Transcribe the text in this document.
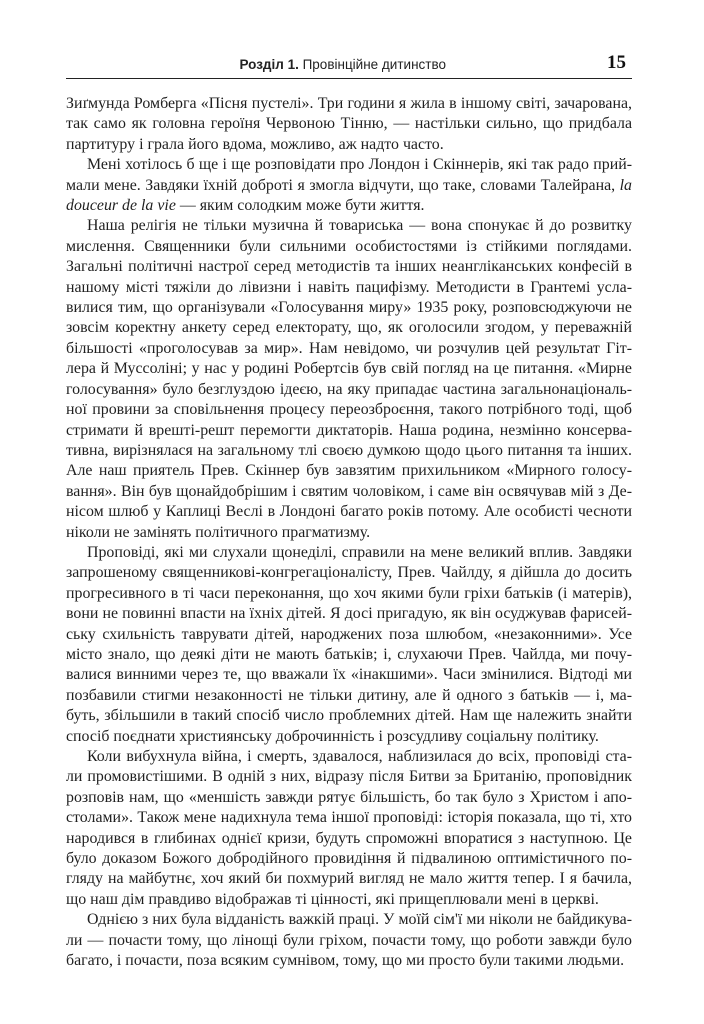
Розділ 1. Провінційне дитинство	15

Зиґмунда Ромберга «Пісня пустелі». Три години я жила в іншому світі, зачарована,
так само як головна героїня Червоною Тінню, — настільки сильно, що придбала
партитуру і грала його вдома, можливо, аж надто часто.

Мені хотілось б ще і ще розповідати про Лондон і Скіннерів, які так радо прий-
мали мене. Завдяки їхній доброті я змогла відчути, що таке, словами Талейрана, la
douceur de la vie — яким солодким може бути життя.

Наша релігія не тільки музична й товариська — вона спонукає й до розвитку
мислення. Священники були сильними особистостями із стійкими поглядами.
Загальні політичні настрої серед методистів та інших неангліканських конфесій в
нашому місті тяжіли до лівизни і навіть пацифізму. Методисти в Грантемі усла-
вилися тим, що організували «Голосування миру» 1935 року, розповсюджуючи не
зовсім коректну анкету серед електорату, що, як оголосили згодом, у переважній
більшості «проголосував за мир». Нам невідомо, чи розчулив цей результат Гіт-
лера й Муссоліні; у нас у родині Робертсів був свій погляд на це питання. «Мирне
голосування» було безглуздою ідеєю, на яку припадає частина загальнонаціональ-
ної провини за сповільнення процесу переозброєння, такого потрібного тоді, щоб
стримати й врешті-решт перемогти диктаторів. Наша родина, незмінно консерва-
тивна, вирізнялася на загальному тлі своєю думкою щодо цього питання та інших.
Але наш приятель Прев. Скіннер був завзятим прихильником «Мирного голосу-
вання». Він був щонайдобрішим і святим чоловіком, і саме він освячував мій з Де-
нісом шлюб у Каплиці Веслі в Лондоні багато років потому. Але особисті чесноти
ніколи не замінять політичного прагматизму.

Проповіді, які ми слухали щонеділі, справили на мене великий вплив. Завдяки
запрошеному священникові-конгрегаціоналісту, Прев. Чайлду, я дійшла до досить
прогресивного в ті часи переконання, що хоч якими були гріхи батьків (і матерів),
вони не повинні впасти на їхніх дітей. Я досі пригадую, як він осуджував фарисей-
ську схильність таврувати дітей, народжених поза шлюбом, «незаконними». Усе
місто знало, що деякі діти не мають батьків; і, слухаючи Прев. Чайлда, ми почу-
валися винними через те, що вважали їх «інакшими». Часи змінилися. Відтоді ми
позбавили стигми незаконності не тільки дитину, але й одного з батьків — і, ма-
буть, збільшили в такий спосіб число проблемних дітей. Нам ще належить знайти
спосіб поєднати християнську доброчинність і розсудливу соціальну політику.

Коли вибухнула війна, і смерть, здавалося, наблизилася до всіх, проповіді ста-
ли промовистішими. В одній з них, відразу після Битви за Британію, проповідник
розповів нам, що «меншість завжди рятує більшість, бо так було з Христом і апо-
столами». Також мене надихнула тема іншої проповіді: історія показала, що ті, хто
народився в глибинах однієї кризи, будуть спроможні впоратися з наступною. Це
було доказом Божого добродійного провидіння й підвалиною оптимістичного по-
гляду на майбутнє, хоч який би похмурий вигляд не мало життя тепер. І я бачила,
що наш дім правдиво відображав ті цінності, які прищеплювали мені в церкві.

Однією з них була відданість важкій праці. У моїй сім'ї ми ніколи не байдикува-
ли — почасти тому, що лінощі були гріхом, почасти тому, що роботи завжди було
багато, і почасти, поза всяким сумнівом, тому, що ми просто були такими людьми.
